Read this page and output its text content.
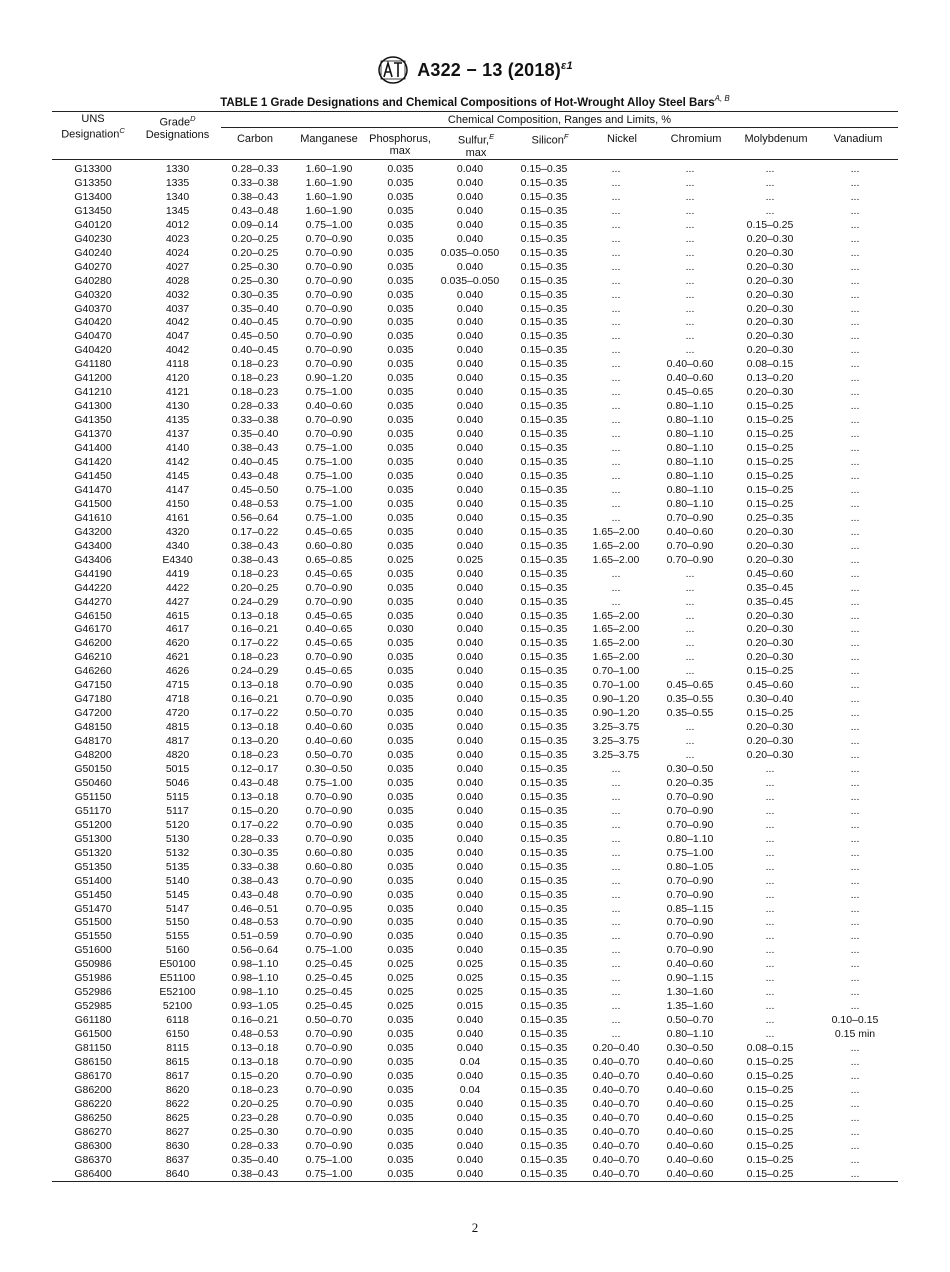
A322 − 13 $(2018)^{\varepsilon 1}$
TABLE 1 Grade Designations and Chemical Compositions of Hot-Wrought Alloy Steel Bars$^{A, B}$
UNS
Designation$^C$
Grade$^D$
Designations
Chemical Composition, Ranges and Limits, %
Carbon	Manganese	Phosphorus,
max
Sulfur,$^E$
max
Silicon$^F$	Nickel	Chromium	Molybdenum	Vanadium
G13300	1330	0.28–0.33	1.60–1.90	0.035	0.040	0.15–0.35	...	...	...	...
G13350	1335	0.33–0.38	1.60–1.90	0.035	0.040	0.15–0.35	...	...	...	...
G13400	1340	0.38–0.43	1.60–1.90	0.035	0.040	0.15–0.35	...	...	...	...
G13450	1345	0.43–0.48	1.60–1.90	0.035	0.040	0.15–0.35	...	...	...	...
G40120	4012	0.09–0.14	0.75–1.00	0.035	0.040	0.15–0.35	...	...	0.15–0.25	...
G40230	4023	0.20–0.25	0.70–0.90	0.035	0.040	0.15–0.35	...	...	0.20–0.30	...
G40240	4024	0.20–0.25	0.70–0.90	0.035	0.035–0.050	0.15–0.35	...	...	0.20–0.30	...
G40270	4027	0.25–0.30	0.70–0.90	0.035	0.040	0.15–0.35	...	...	0.20–0.30	...
G40280	4028	0.25–0.30	0.70–0.90	0.035	0.035–0.050	0.15–0.35	...	...	0.20–0.30	...
G40320	4032	0.30–0.35	0.70–0.90	0.035	0.040	0.15–0.35	...	...	0.20–0.30	...
G40370	4037	0.35–0.40	0.70–0.90	0.035	0.040	0.15–0.35	...	...	0.20–0.30	...
G40420	4042	0.40–0.45	0.70–0.90	0.035	0.040	0.15–0.35	...	...	0.20–0.30	...
G40470	4047	0.45–0.50	0.70–0.90	0.035	0.040	0.15–0.35	...	...	0.20–0.30	...
G40420	4042	0.40–0.45	0.70–0.90	0.035	0.040	0.15–0.35	...	...	0.20–0.30	...
G41180	4118	0.18–0.23	0.70–0.90	0.035	0.040	0.15–0.35	...	0.40–0.60	0.08–0.15	...
G41200	4120	0.18–0.23	0.90–1.20	0.035	0.040	0.15–0.35	...	0.40–0.60	0.13–0.20	...
G41210	4121	0.18–0.23	0.75–1.00	0.035	0.040	0.15–0.35	...	0.45–0.65	0.20–0.30	...
G41300	4130	0.28–0.33	0.40–0.60	0.035	0.040	0.15–0.35	...	0.80–1.10	0.15–0.25	...
G41350	4135	0.33–0.38	0.70–0.90	0.035	0.040	0.15–0.35	...	0.80–1.10	0.15–0.25	...
G41370	4137	0.35–0.40	0.70–0.90	0.035	0.040	0.15–0.35	...	0.80–1.10	0.15–0.25	...
G41400	4140	0.38–0.43	0.75–1.00	0.035	0.040	0.15–0.35	...	0.80–1.10	0.15–0.25	...
G41420	4142	0.40–0.45	0.75–1.00	0.035	0.040	0.15–0.35	...	0.80–1.10	0.15–0.25	...
G41450	4145	0.43–0.48	0.75–1.00	0.035	0.040	0.15–0.35	...	0.80–1.10	0.15–0.25	...
G41470	4147	0.45–0.50	0.75–1.00	0.035	0.040	0.15–0.35	...	0.80–1.10	0.15–0.25	...
G41500	4150	0.48–0.53	0.75–1.00	0.035	0.040	0.15–0.35	...	0.80–1.10	0.15–0.25	...
G41610	4161	0.56–0.64	0.75–1.00	0.035	0.040	0.15–0.35	...	0.70–0.90	0.25–0.35	...
G43200	4320	0.17–0.22	0.45–0.65	0.035	0.040	0.15–0.35	1.65–2.00	0.40–0.60	0.20–0.30	...
G43400	4340	0.38–0.43	0.60–0.80	0.035	0.040	0.15–0.35	1.65–2.00	0.70–0.90	0.20–0.30	...
G43406	E4340	0.38–0.43	0.65–0.85	0.025	0.025	0.15–0.35	1.65–2.00	0.70–0.90	0.20–0.30	...
G44190	4419	0.18–0.23	0.45–0.65	0.035	0.040	0.15–0.35	...	...	0.45–0.60	...
G44220	4422	0.20–0.25	0.70–0.90	0.035	0.040	0.15–0.35	...	...	0.35–0.45	...
G44270	4427	0.24–0.29	0.70–0.90	0.035	0.040	0.15–0.35	...	...	0.35–0.45	...
G46150	4615	0.13–0.18	0.45–0.65	0.035	0.040	0.15–0.35	1.65–2.00	...	0.20–0.30	...
G46170	4617	0.16–0.21	0.40–0.65	0.030	0.040	0.15–0.35	1.65–2.00	...	0.20–0.30	...
G46200	4620	0.17–0.22	0.45–0.65	0.035	0.040	0.15–0.35	1.65–2.00	...	0.20–0.30	...
G46210	4621	0.18–0.23	0.70–0.90	0.035	0.040	0.15–0.35	1.65–2.00	...	0.20–0.30	...
G46260	4626	0.24–0.29	0.45–0.65	0.035	0.040	0.15–0.35	0.70–1.00	...	0.15–0.25	...
G47150	4715	0.13–0.18	0.70–0.90	0.035	0.040	0.15–0.35	0.70–1.00	0.45–0.65	0.45–0.60	...
G47180	4718	0.16–0.21	0.70–0.90	0.035	0.040	0.15–0.35	0.90–1.20	0.35–0.55	0.30–0.40	...
G47200	4720	0.17–0.22	0.50–0.70	0.035	0.040	0.15–0.35	0.90–1.20	0.35–0.55	0.15–0.25	...
G48150	4815	0.13–0.18	0.40–0.60	0.035	0.040	0.15–0.35	3.25–3.75	...	0.20–0.30	...
G48170	4817	0.13–0.20	0.40–0.60	0.035	0.040	0.15–0.35	3.25–3.75	...	0.20–0.30	...
G48200	4820	0.18–0.23	0.50–0.70	0.035	0.040	0.15–0.35	3.25–3.75	...	0.20–0.30	...
G50150	5015	0.12–0.17	0.30–0.50	0.035	0.040	0.15–0.35	...	0.30–0.50	...	...
G50460	5046	0.43–0.48	0.75–1.00	0.035	0.040	0.15–0.35	...	0.20–0.35	...	...
G51150	5115	0.13–0.18	0.70–0.90	0.035	0.040	0.15–0.35	...	0.70–0.90	...	...
G51170	5117	0.15–0.20	0.70–0.90	0.035	0.040	0.15–0.35	...	0.70–0.90	...	...
G51200	5120	0.17–0.22	0.70–0.90	0.035	0.040	0.15–0.35	...	0.70–0.90	...	...
G51300	5130	0.28–0.33	0.70–0.90	0.035	0.040	0.15–0.35	...	0.80–1.10	...	...
G51320	5132	0.30–0.35	0.60–0.80	0.035	0.040	0.15–0.35	...	0.75–1.00	...	...
G51350	5135	0.33–0.38	0.60–0.80	0.035	0.040	0.15–0.35	...	0.80–1.05	...	...
G51400	5140	0.38–0.43	0.70–0.90	0.035	0.040	0.15–0.35	...	0.70–0.90	...	...
G51450	5145	0.43–0.48	0.70–0.90	0.035	0.040	0.15–0.35	...	0.70–0.90	...	...
G51470	5147	0.46–0.51	0.70–0.95	0.035	0.040	0.15–0.35	...	0.85–1.15	...	...
G51500	5150	0.48–0.53	0.70–0.90	0.035	0.040	0.15–0.35	...	0.70–0.90	...	...
G51550	5155	0.51–0.59	0.70–0.90	0.035	0.040	0.15–0.35	...	0.70–0.90	...	...
G51600	5160	0.56–0.64	0.75–1.00	0.035	0.040	0.15–0.35	...	0.70–0.90	...	...
G50986	E50100	0.98–1.10	0.25–0.45	0.025	0.025	0.15–0.35	...	0.40–0.60	...	...
G51986	E51100	0.98–1.10	0.25–0.45	0.025	0.025	0.15–0.35	...	0.90–1.15	...	...
G52986	E52100	0.98–1.10	0.25–0.45	0.025	0.025	0.15–0.35	...	1.30–1.60	...	...
G52985	52100	0.93–1.05	0.25–0.45	0.025	0.015	0.15–0.35	...	1.35–1.60	...	...
G61180	6118	0.16–0.21	0.50–0.70	0.035	0.040	0.15–0.35	...	0.50–0.70	...	0.10–0.15
G61500	6150	0.48–0.53	0.70–0.90	0.035	0.040	0.15–0.35	...	0.80–1.10	...	0.15 min
G81150	8115	0.13–0.18	0.70–0.90	0.035	0.040	0.15–0.35	0.20–0.40	0.30–0.50	0.08–0.15	...
G86150	8615	0.13–0.18	0.70–0.90	0.035	0.04	0.15–0.35	0.40–0.70	0.40–0.60	0.15–0.25	...
G86170	8617	0.15–0.20	0.70–0.90	0.035	0.040	0.15–0.35	0.40–0.70	0.40–0.60	0.15–0.25	...
G86200	8620	0.18–0.23	0.70–0.90	0.035	0.04	0.15–0.35	0.40–0.70	0.40–0.60	0.15–0.25	...
G86220	8622	0.20–0.25	0.70–0.90	0.035	0.040	0.15–0.35	0.40–0.70	0.40–0.60	0.15–0.25	...
G86250	8625	0.23–0.28	0.70–0.90	0.035	0.040	0.15–0.35	0.40–0.70	0.40–0.60	0.15–0.25	...
G86270	8627	0.25–0.30	0.70–0.90	0.035	0.040	0.15–0.35	0.40–0.70	0.40–0.60	0.15–0.25	...
G86300	8630	0.28–0.33	0.70–0.90	0.035	0.040	0.15–0.35	0.40–0.70	0.40–0.60	0.15–0.25	...
G86370	8637	0.35–0.40	0.75–1.00	0.035	0.040	0.15–0.35	0.40–0.70	0.40–0.60	0.15–0.25	...
G86400	8640	0.38–0.43	0.75–1.00	0.035	0.040	0.15–0.35	0.40–0.70	0.40–0.60	0.15–0.25	...
2
